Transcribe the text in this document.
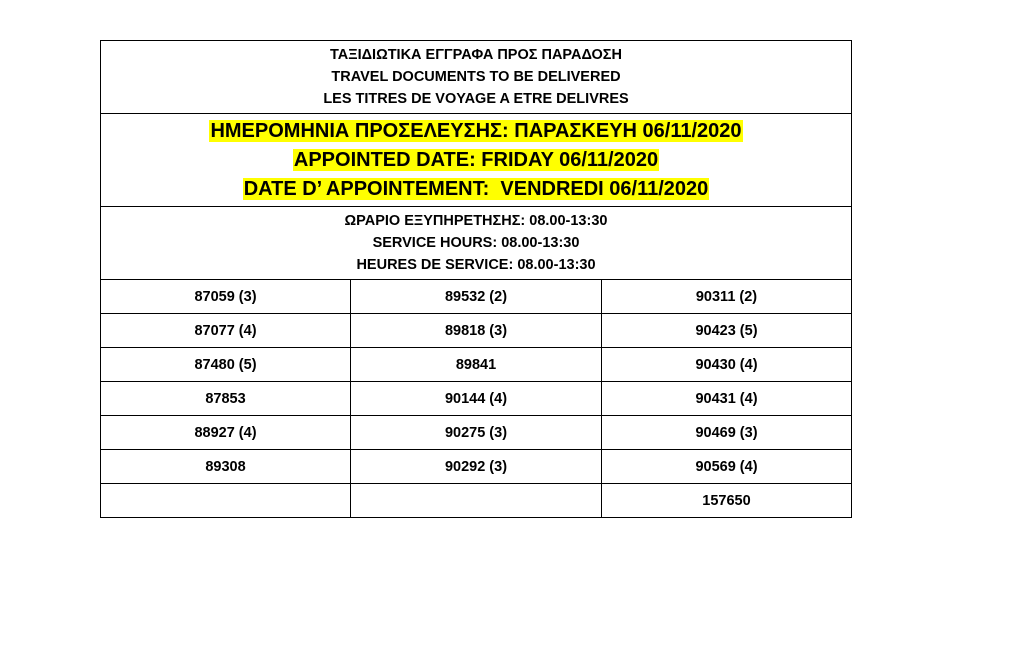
ΤΑΞΙΔΙΩΤΙΚΑ ΕΓΓΡΑΦΑ ΠΡΟΣ ΠΑΡΑΔΟΣΗ
TRAVEL DOCUMENTS TO BE DELIVERED
LES TITRES DE VOYAGE A ETRE DELIVRES		

ΗΜΕΡΟΜΗΝΙΑ ΠΡΟΣΕΛΕΥΣΗΣ: ΠΑΡΑΣΚΕΥΗ 06/11/2020
APPOINTED DATE: FRIDAY 06/11/2020
DATE D’ APPOINTEMENT:  VENDREDI 06/11/2020		

ΩΡΑΡΙΟ ΕΞΥΠΗΡΕΤΗΣΗΣ: 08.00-13:30
SERVICE HOURS: 08.00-13:30
HEURES DE SERVICE: 08.00-13:30		

87059 (3)	89532 (2)	90311 (2)
87077 (4)	89818 (3)	90423 (5)
87480 (5)	89841	90430 (4)
87853	90144 (4)	90431 (4)
88927 (4)	90275 (3)	90469 (3)
89308	90292 (3)	90569 (4)
		157650
